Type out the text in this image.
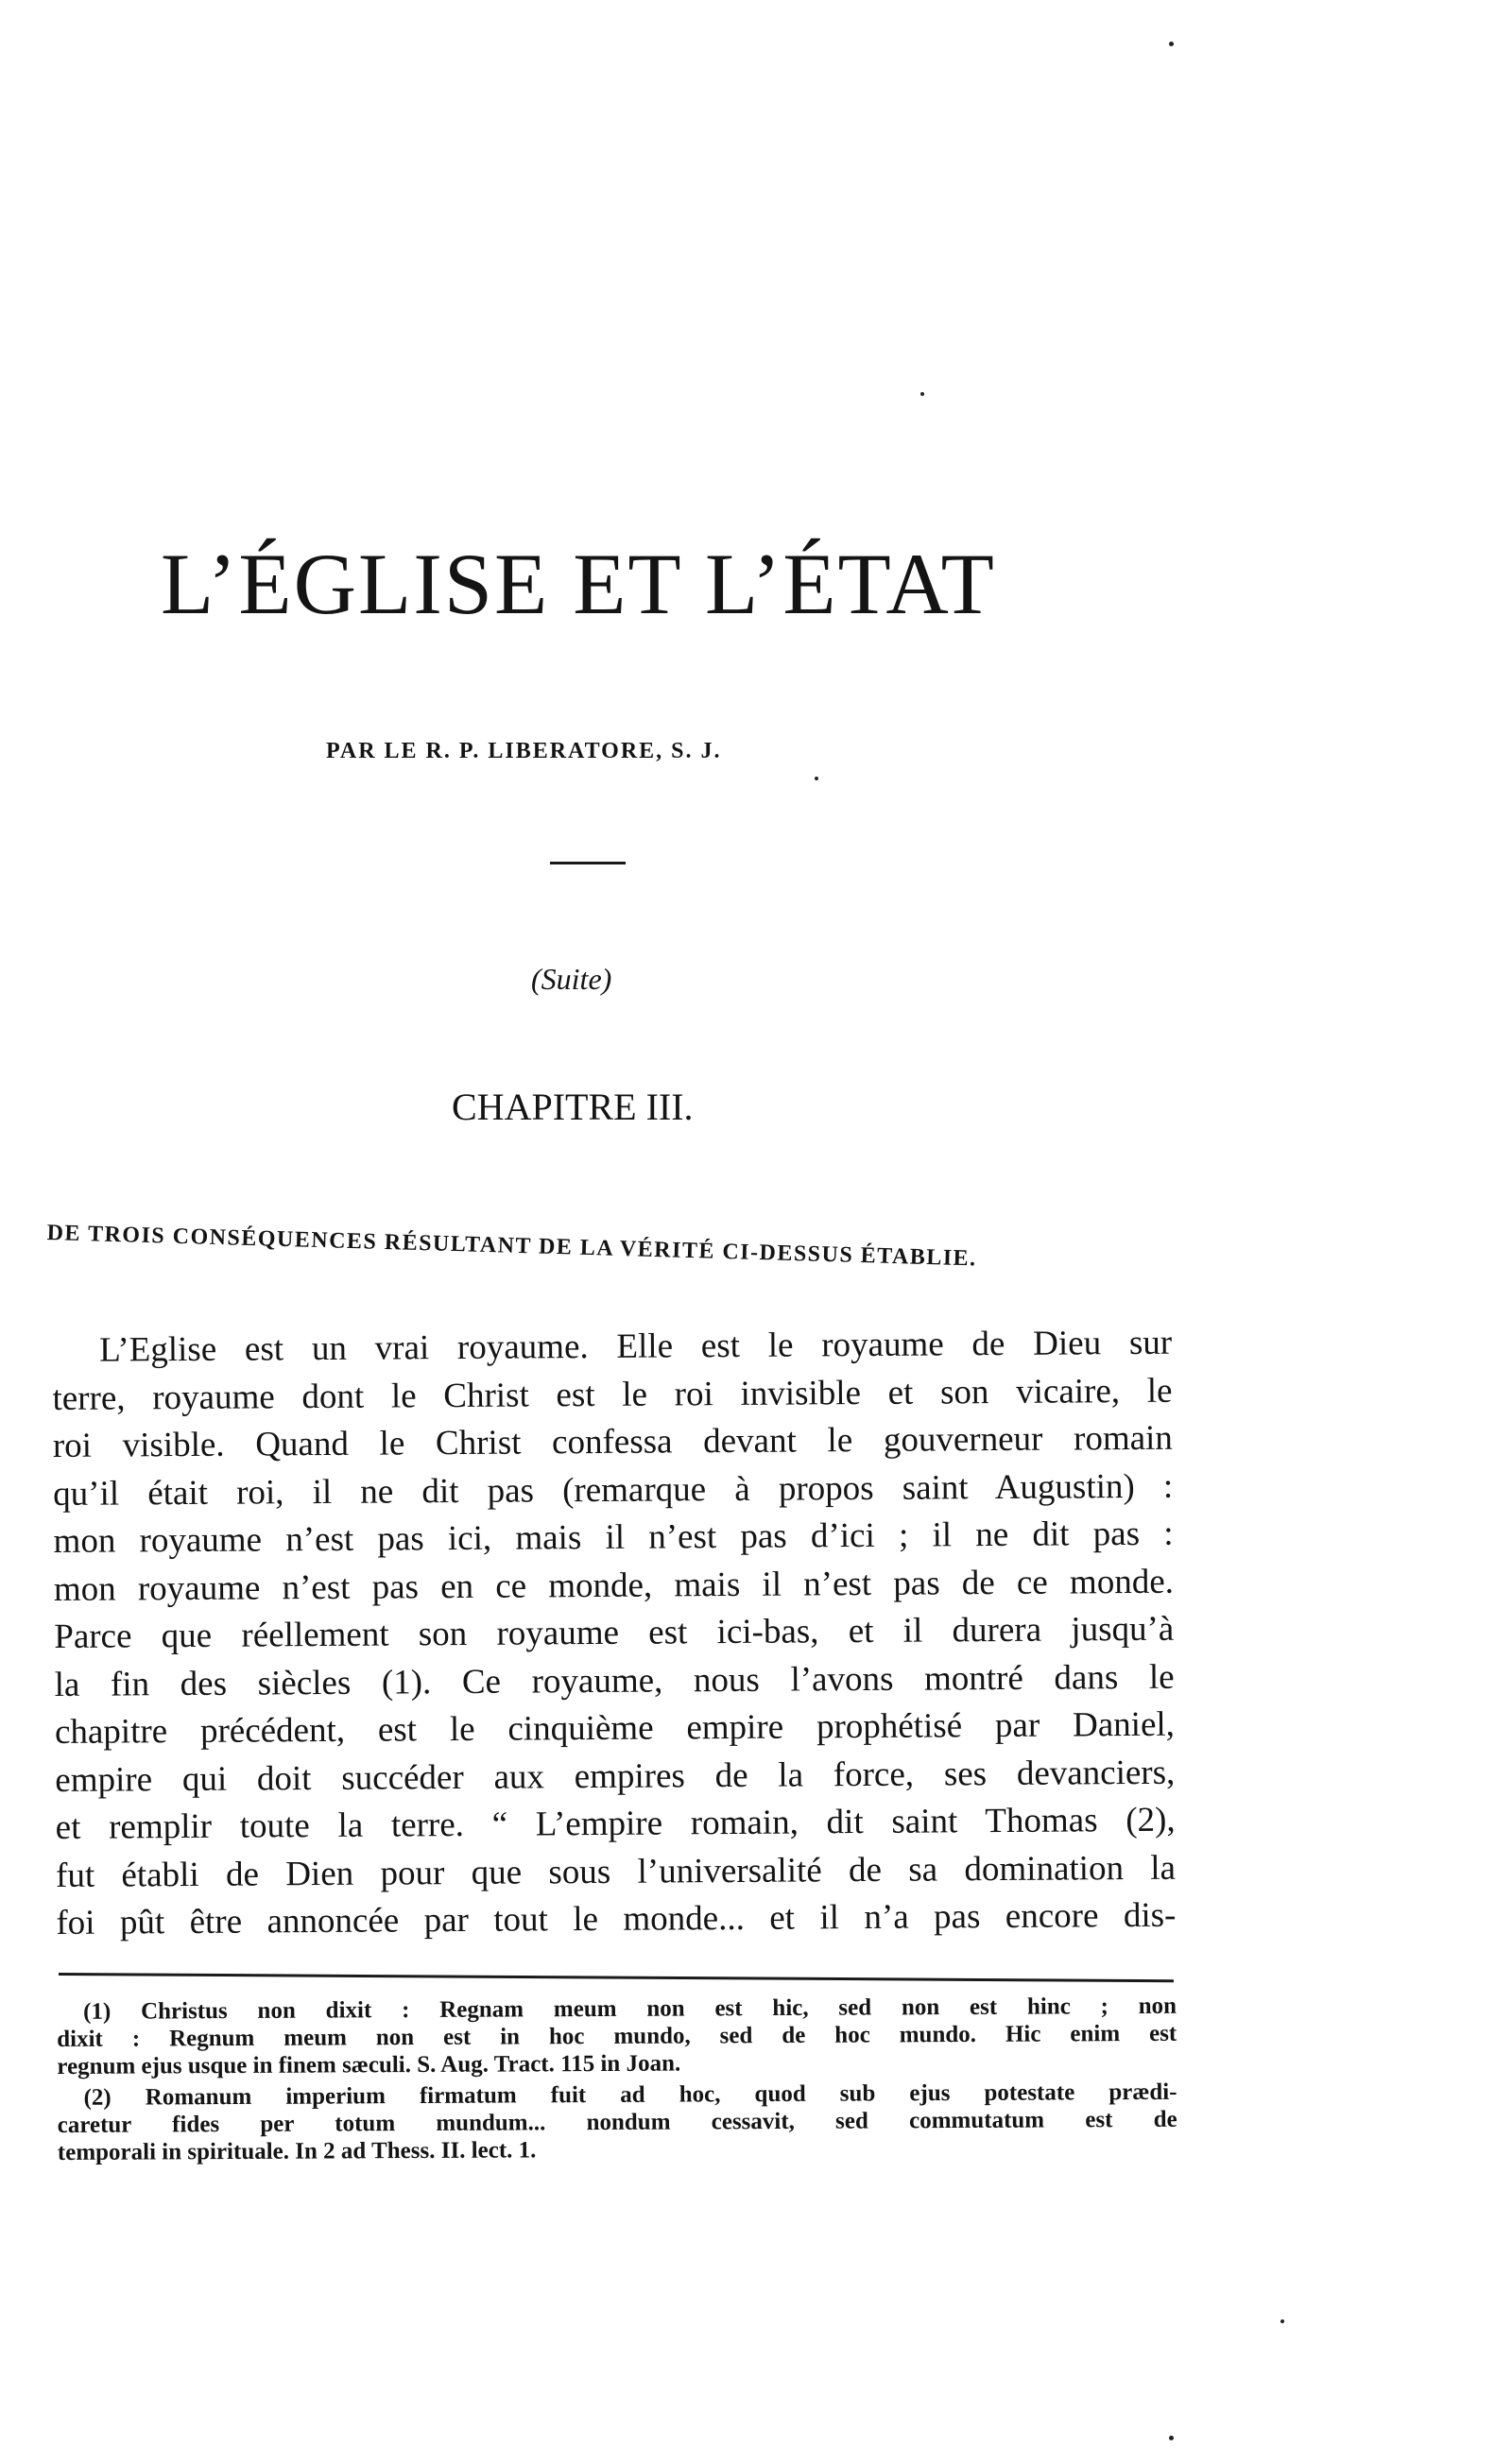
L’ÉGLISE ET L’ÉTAT
PAR LE R. P. LIBERATORE, S. J.
(Suite)
CHAPITRE III.
DE TROIS CONSÉQUENCES RÉSULTANT DE LA VÉRITÉ CI-DESSUS ÉTABLIE.
L’Eglise est un vrai royaume. Elle est le royaume de Dieu sur
terre, royaume dont le Christ est le roi invisible et son vicaire, le
roi visible. Quand le Christ confessa devant le gouverneur romain
qu’il était roi, il ne dit pas (remarque à propos saint Augustin) :
mon royaume n’est pas ici, mais il n’est pas d’ici ; il ne dit pas :
mon royaume n’est pas en ce monde, mais il n’est pas de ce monde.
Parce que réellement son royaume est ici-bas, et il durera jusqu’à
la fin des siècles (1). Ce royaume, nous l’avons montré dans le
chapitre précédent, est le cinquième empire prophétisé par Daniel,
empire qui doit succéder aux empires de la force, ses devanciers,
et remplir toute la terre. “ L’empire romain, dit saint Thomas (2),
fut établi de Dien pour que sous l’universalité de sa domination la
foi pût être annoncée par tout le monde... et il n’a pas encore dis-
(1) Christus non dixit : Regnam meum non est hic, sed non est hinc ; non
dixit : Regnum meum non est in hoc mundo, sed de hoc mundo. Hic enim est
regnum ejus usque in finem sæculi. S. Aug. Tract. 115 in Joan.
(2) Romanum imperium firmatum fuit ad hoc, quod sub ejus potestate prædi-
caretur fides per totum mundum... nondum cessavit, sed commutatum est de
temporali in spirituale. In 2 ad Thess. II. lect. 1.
